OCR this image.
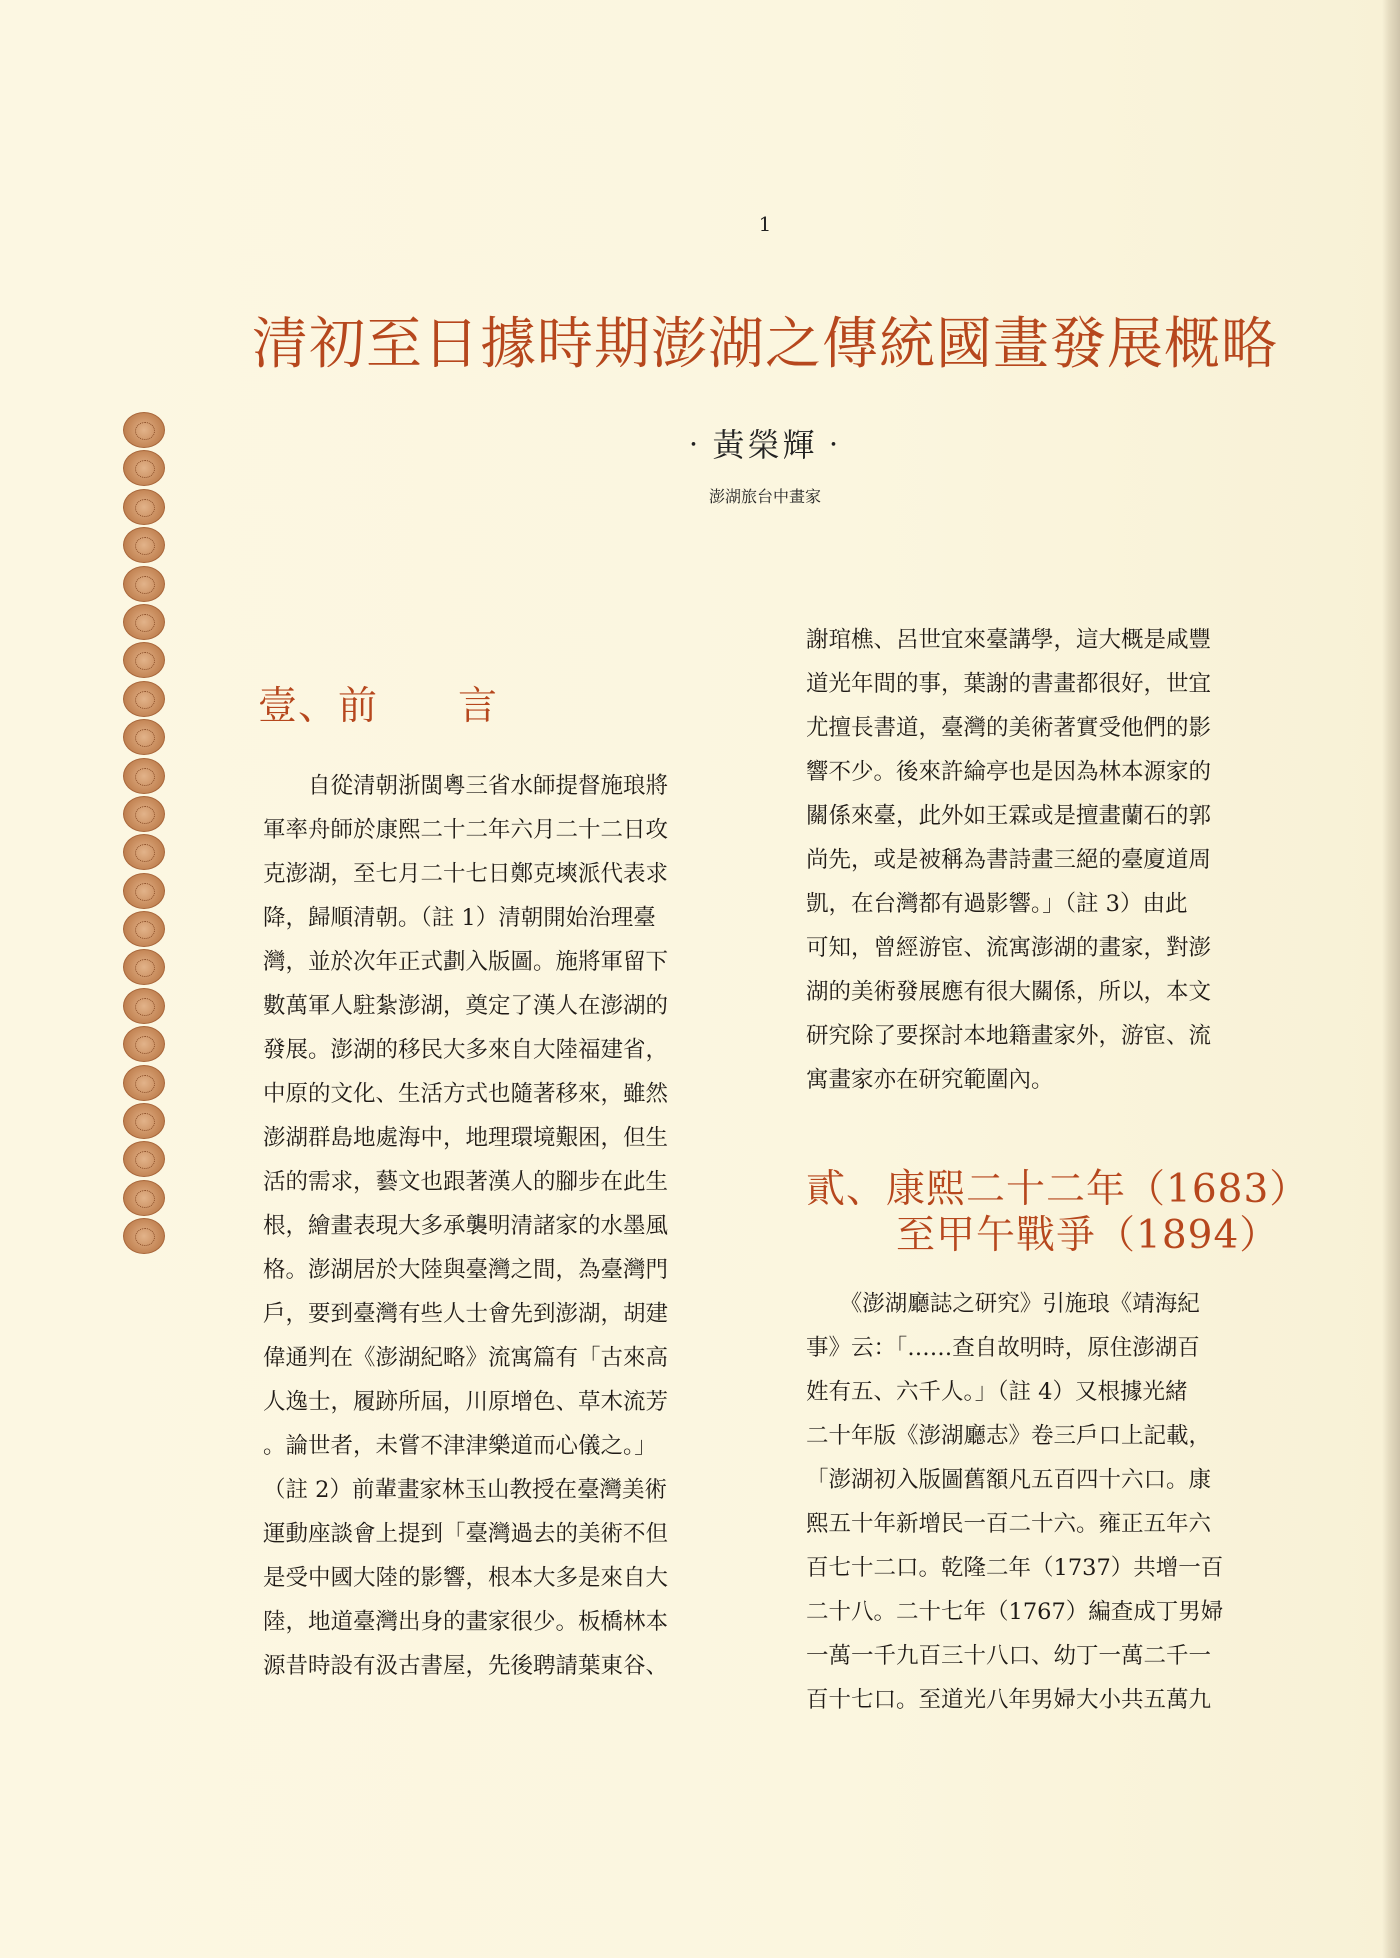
1
清初至日據時期澎湖之傳統國畫發展概略
‧黃榮輝‧
澎湖旅台中畫家
壹、前　　言

　　自從清朝浙閩粵三省水師提督施琅將

軍率舟師於康熙二十二年六月二十二日攻

克澎湖，至七月二十七日鄭克塽派代表求

降，歸順清朝。（註 1）清朝開始治理臺

灣，並於次年正式劃入版圖。施將軍留下

數萬軍人駐紮澎湖，奠定了漢人在澎湖的

發展。澎湖的移民大多來自大陸福建省，

中原的文化、生活方式也隨著移來，雖然

澎湖群島地處海中，地理環境艱困，但生

活的需求，藝文也跟著漢人的腳步在此生

根，繪畫表現大多承襲明清諸家的水墨風

格。澎湖居於大陸與臺灣之間，為臺灣門

戶，要到臺灣有些人士會先到澎湖，胡建

偉通判在《澎湖紀略》流寓篇有「古來高

人逸士，履跡所屆，川原增色、草木流芳

。論世者，未嘗不津津樂道而心儀之。」

（註 2）前輩畫家林玉山教授在臺灣美術

運動座談會上提到「臺灣過去的美術不但

是受中國大陸的影響，根本大多是來自大

陸，地道臺灣出身的畫家很少。板橋林本

源昔時設有汲古書屋，先後聘請葉東谷、

謝琯樵、呂世宜來臺講學，這大概是咸豐

道光年間的事，葉謝的書畫都很好，世宜

尤擅長書道，臺灣的美術著實受他們的影

響不少。後來許綸亭也是因為林本源家的

關係來臺，此外如王霖或是擅畫蘭石的郭

尚先，或是被稱為書詩畫三絕的臺廈道周

凱，在台灣都有過影響。」（註 3）由此

可知，曾經游宦、流寓澎湖的畫家，對澎

湖的美術發展應有很大關係，所以，本文

研究除了要探討本地籍畫家外，游宦、流

寓畫家亦在研究範圍內。

貳、康熙二十二年（1683）
至甲午戰爭（1894）

　　《澎湖廳誌之研究》引施琅《靖海紀

事》云：「……查自故明時，原住澎湖百

姓有五、六千人。」（註 4）又根據光緒

二十年版《澎湖廳志》卷三戶口上記載，

「澎湖初入版圖舊額凡五百四十六口。康

熙五十年新增民一百二十六。雍正五年六

百七十二口。乾隆二年（1737）共增一百

二十八。二十七年（1767）編查成丁男婦

一萬一千九百三十八口、幼丁一萬二千一

百十七口。至道光八年男婦大小共五萬九
